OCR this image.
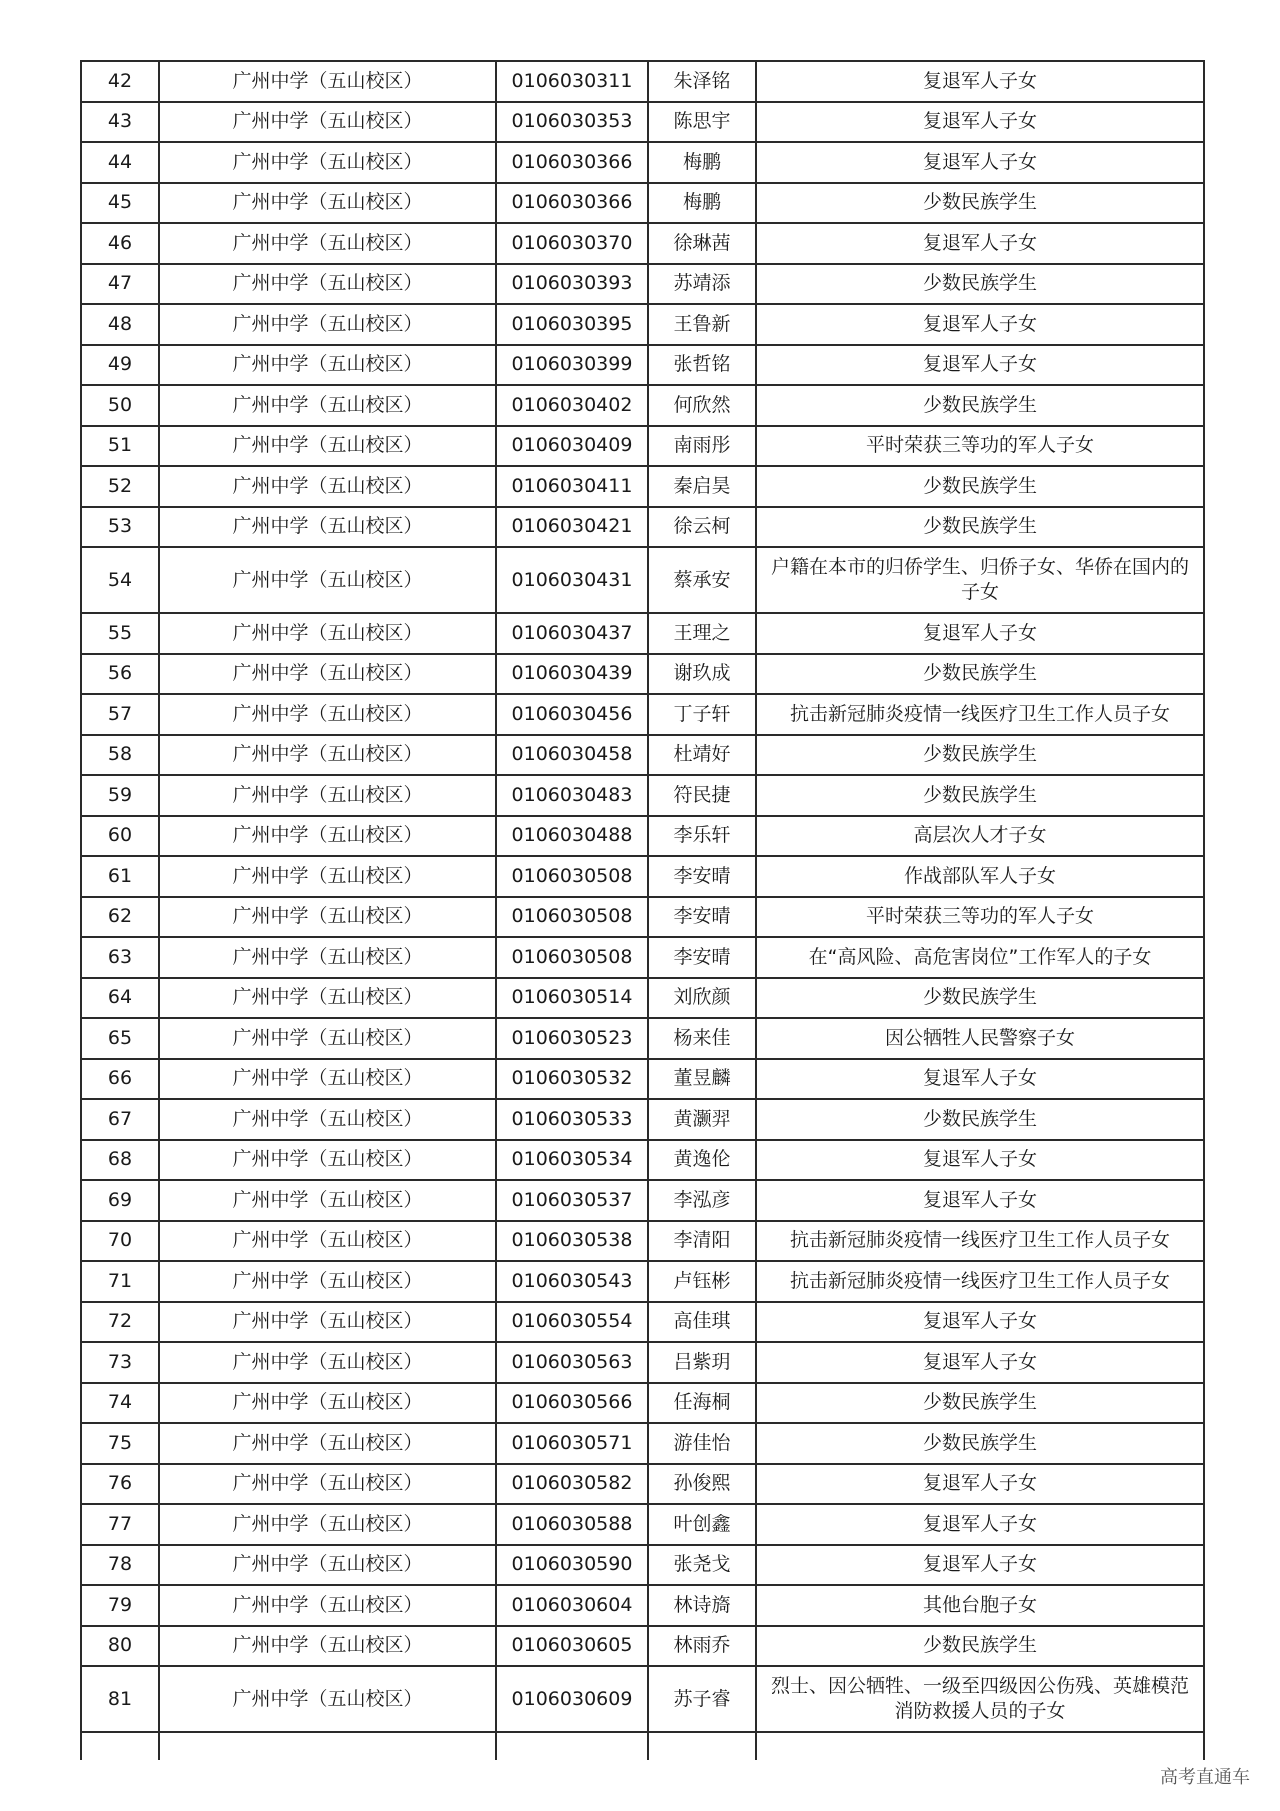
42	广州中学（五山校区）	0106030311	朱泽铭	复退军人子女
43	广州中学（五山校区）	0106030353	陈思宇	复退军人子女
44	广州中学（五山校区）	0106030366	梅鹏	复退军人子女
45	广州中学（五山校区）	0106030366	梅鹏	少数民族学生
46	广州中学（五山校区）	0106030370	徐琳茜	复退军人子女
47	广州中学（五山校区）	0106030393	苏靖添	少数民族学生
48	广州中学（五山校区）	0106030395	王鲁新	复退军人子女
49	广州中学（五山校区）	0106030399	张哲铭	复退军人子女
50	广州中学（五山校区）	0106030402	何欣然	少数民族学生
51	广州中学（五山校区）	0106030409	南雨彤	平时荣获三等功的军人子女
52	广州中学（五山校区）	0106030411	秦启昊	少数民族学生
53	广州中学（五山校区）	0106030421	徐云柯	少数民族学生
54	广州中学（五山校区）	0106030431	蔡承安	户籍在本市的归侨学生、归侨子女、华侨在国内的子女
55	广州中学（五山校区）	0106030437	王理之	复退军人子女
56	广州中学（五山校区）	0106030439	谢玖成	少数民族学生
57	广州中学（五山校区）	0106030456	丁子轩	抗击新冠肺炎疫情一线医疗卫生工作人员子女
58	广州中学（五山校区）	0106030458	杜靖好	少数民族学生
59	广州中学（五山校区）	0106030483	符民捷	少数民族学生
60	广州中学（五山校区）	0106030488	李乐轩	高层次人才子女
61	广州中学（五山校区）	0106030508	李安晴	作战部队军人子女
62	广州中学（五山校区）	0106030508	李安晴	平时荣获三等功的军人子女
63	广州中学（五山校区）	0106030508	李安晴	在“高风险、高危害岗位”工作军人的子女
64	广州中学（五山校区）	0106030514	刘欣颜	少数民族学生
65	广州中学（五山校区）	0106030523	杨来佳	因公牺牲人民警察子女
66	广州中学（五山校区）	0106030532	董昱麟	复退军人子女
67	广州中学（五山校区）	0106030533	黄灏羿	少数民族学生
68	广州中学（五山校区）	0106030534	黄逸伦	复退军人子女
69	广州中学（五山校区）	0106030537	李泓彦	复退军人子女
70	广州中学（五山校区）	0106030538	李清阳	抗击新冠肺炎疫情一线医疗卫生工作人员子女
71	广州中学（五山校区）	0106030543	卢钰彬	抗击新冠肺炎疫情一线医疗卫生工作人员子女
72	广州中学（五山校区）	0106030554	高佳琪	复退军人子女
73	广州中学（五山校区）	0106030563	吕紫玥	复退军人子女
74	广州中学（五山校区）	0106030566	任海桐	少数民族学生
75	广州中学（五山校区）	0106030571	游佳怡	少数民族学生
76	广州中学（五山校区）	0106030582	孙俊熙	复退军人子女
77	广州中学（五山校区）	0106030588	叶创鑫	复退军人子女
78	广州中学（五山校区）	0106030590	张尧戈	复退军人子女
79	广州中学（五山校区）	0106030604	林诗旖	其他台胞子女
80	广州中学（五山校区）	0106030605	林雨乔	少数民族学生
81	广州中学（五山校区）	0106030609	苏子睿	烈士、因公牺牲、一级至四级因公伤残、英雄模范消防救援人员的子女

高考直通车
